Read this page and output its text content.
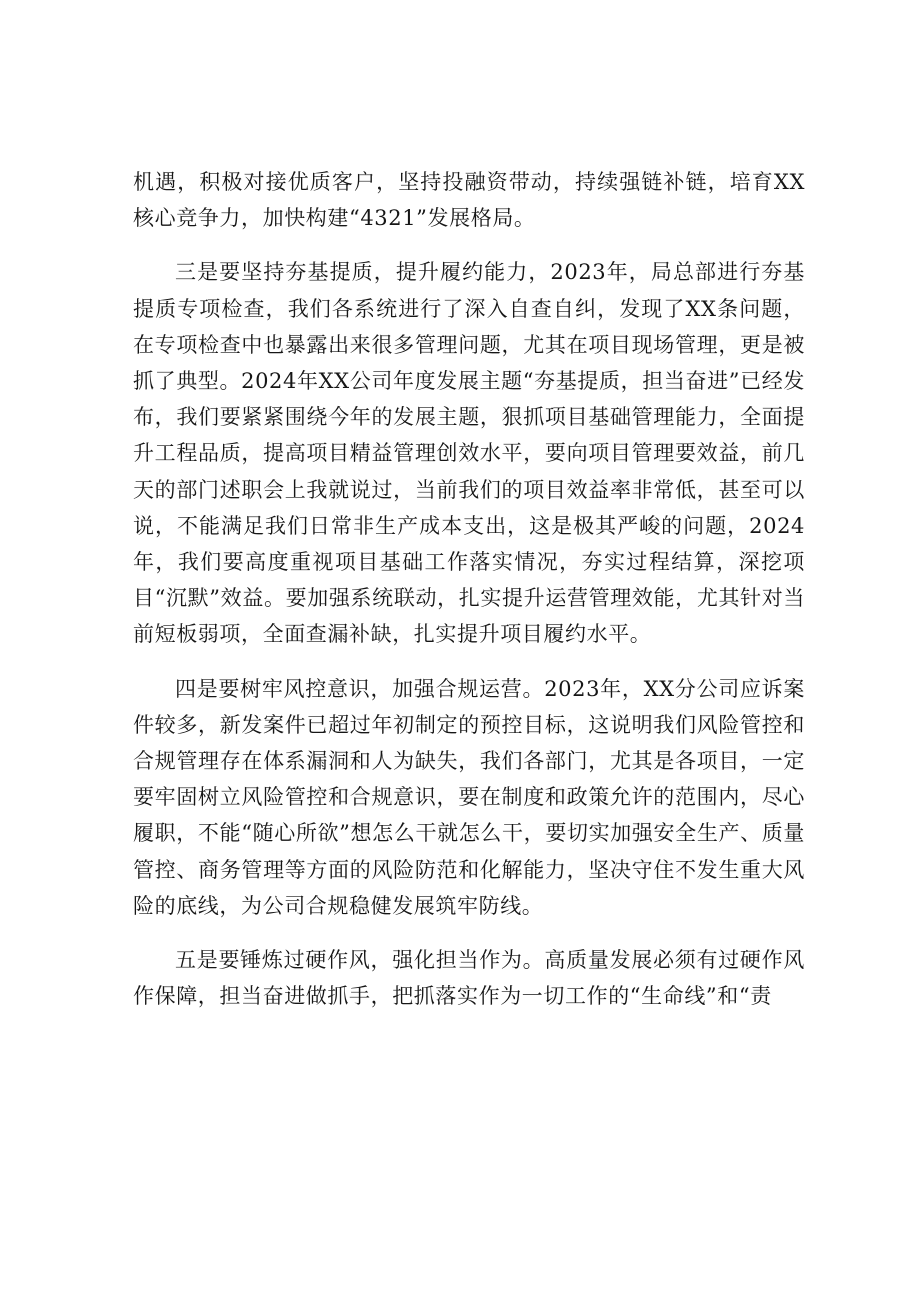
机遇，积极对接优质客户，坚持投融资带动，持续强链补链，培育XX核心竞争力，加快构建“4321”发展格局。

三是要坚持夯基提质，提升履约能力，2023年，局总部进行夯基提质专项检查，我们各系统进行了深入自查自纠，发现了XX条问题，在专项检查中也暴露出来很多管理问题，尤其在项目现场管理，更是被抓了典型。2024年XX公司年度发展主题“夯基提质，担当奋进”已经发布，我们要紧紧围绕今年的发展主题，狠抓项目基础管理能力，全面提升工程品质，提高项目精益管理创效水平，要向项目管理要效益，前几天的部门述职会上我就说过，当前我们的项目效益率非常低，甚至可以说，不能满足我们日常非生产成本支出，这是极其严峻的问题，2024年，我们要高度重视项目基础工作落实情况，夯实过程结算，深挖项目“沉默”效益。要加强系统联动，扎实提升运营管理效能，尤其针对当前短板弱项，全面查漏补缺，扎实提升项目履约水平。

四是要树牢风控意识，加强合规运营。2023年，XX分公司应诉案件较多，新发案件已超过年初制定的预控目标，这说明我们风险管控和合规管理存在体系漏洞和人为缺失，我们各部门，尤其是各项目，一定要牢固树立风险管控和合规意识，要在制度和政策允许的范围内，尽心履职，不能“随心所欲”想怎么干就怎么干，要切实加强安全生产、质量管控、商务管理等方面的风险防范和化解能力，坚决守住不发生重大风险的底线，为公司合规稳健发展筑牢防线。

五是要锤炼过硬作风，强化担当作为。高质量发展必须有过硬作风作保障，担当奋进做抓手，把抓落实作为一切工作的“生命线”和“责
